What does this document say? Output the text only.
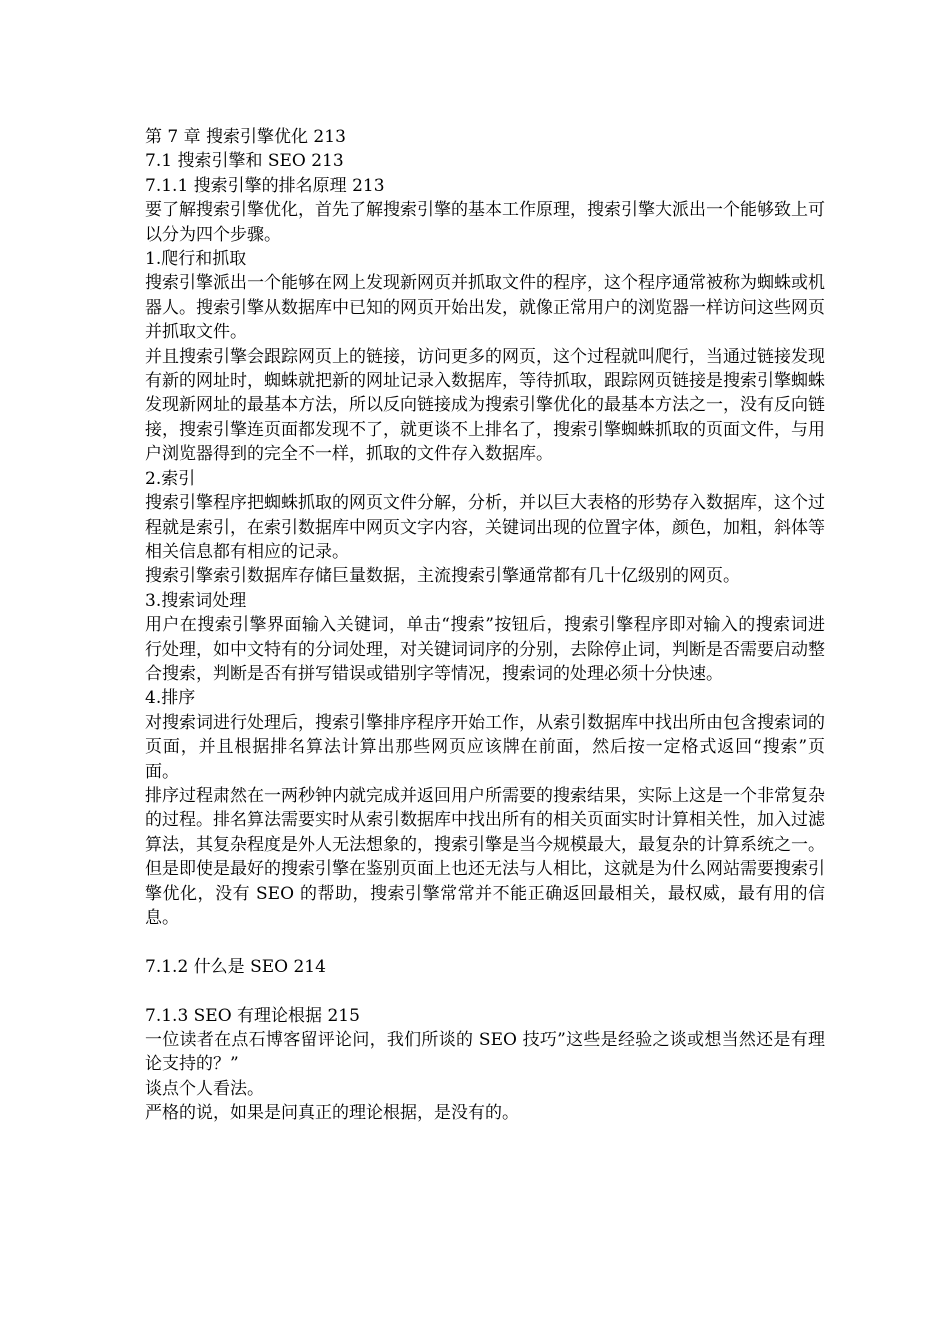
第 7 章 搜索引擎优化 213

7.1 搜索引擎和 SEO 213

7.1.1 搜索引擎的排名原理 213

要了解搜索引擎优化，首先了解搜索引擎的基本工作原理，搜索引擎大派出一个能够致上可以分为四个步骤。

1.爬行和抓取

搜索引擎派出一个能够在网上发现新网页并抓取文件的程序，这个程序通常被称为蜘蛛或机器人。搜索引擎从数据库中已知的网页开始出发，就像正常用户的浏览器一样访问这些网页并抓取文件。

并且搜索引擎会跟踪网页上的链接，访问更多的网页，这个过程就叫爬行，当通过链接发现有新的网址时，蜘蛛就把新的网址记录入数据库，等待抓取，跟踪网页链接是搜索引擎蜘蛛发现新网址的最基本方法，所以反向链接成为搜索引擎优化的最基本方法之一，没有反向链接，搜索引擎连页面都发现不了，就更谈不上排名了，搜索引擎蜘蛛抓取的页面文件，与用户浏览器得到的完全不一样，抓取的文件存入数据库。

2.索引

搜索引擎程序把蜘蛛抓取的网页文件分解，分析，并以巨大表格的形势存入数据库，这个过程就是索引，在索引数据库中网页文字内容，关键词出现的位置字体，颜色，加粗，斜体等相关信息都有相应的记录。

搜索引擎索引数据库存储巨量数据，主流搜索引擎通常都有几十亿级别的网页。

3.搜索词处理

用户在搜索引擎界面输入关键词，单击“搜索”按钮后，搜索引擎程序即对输入的搜索词进行处理，如中文特有的分词处理，对关键词词序的分别，去除停止词，判断是否需要启动整合搜索，判断是否有拼写错误或错别字等情况，搜索词的处理必须十分快速。

4.排序

对搜索词进行处理后，搜索引擎排序程序开始工作，从索引数据库中找出所由包含搜索词的页面，并且根据排名算法计算出那些网页应该牌在前面，然后按一定格式返回“搜索”页面。

排序过程肃然在一两秒钟内就完成并返回用户所需要的搜索结果，实际上这是一个非常复杂的过程。排名算法需要实时从索引数据库中找出所有的相关页面实时计算相关性，加入过滤算法，其复杂程度是外人无法想象的，搜索引擎是当今规模最大，最复杂的计算系统之一。

但是即使是最好的搜索引擎在鉴别页面上也还无法与人相比，这就是为什么网站需要搜索引擎优化，没有 SEO 的帮助，搜索引擎常常并不能正确返回最相关，最权威，最有用的信息。

7.1.2 什么是 SEO 214

7.1.3 SEO 有理论根据 215

一位读者在点石博客留评论问，我们所谈的 SEO 技巧”这些是经验之谈或想当然还是有理论支持的？”

谈点个人看法。

严格的说，如果是问真正的理论根据，是没有的。
